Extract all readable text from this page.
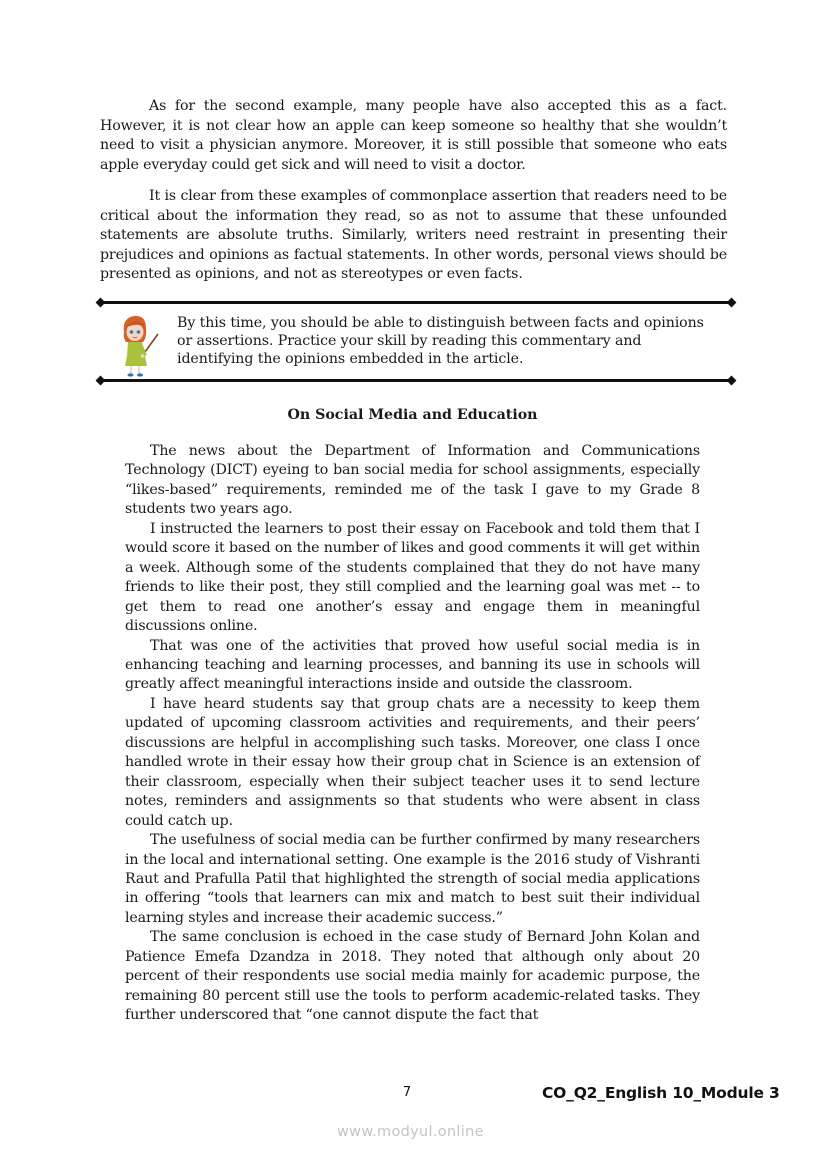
As for the second example, many people have also accepted this as a fact. However, it is not clear how an apple can keep someone so healthy that she wouldn’t need to visit a physician anymore. Moreover, it is still possible that someone who eats apple everyday could get sick and will need to visit a doctor.

It is clear from these examples of commonplace assertion that readers need to be critical about the information they read, so as not to assume that these unfounded statements are absolute truths. Similarly, writers need restraint in presenting their prejudices and opinions as factual statements. In other words, personal views should be presented as opinions, and not as stereotypes or even facts.

By this time, you should be able to distinguish between facts and opinions or assertions. Practice your skill by reading this commentary and identifying the opinions embedded in the article.

On Social Media and Education

The news about the Department of Information and Communications Technology (DICT) eyeing to ban social media for school assignments, especially “likes-based” requirements, reminded me of the task I gave to my Grade 8 students two years ago.

I instructed the learners to post their essay on Facebook and told them that I would score it based on the number of likes and good comments it will get within a week. Although some of the students complained that they do not have many friends to like their post, they still complied and the learning goal was met -- to get them to read one another’s essay and engage them in meaningful discussions online.

That was one of the activities that proved how useful social media is in enhancing teaching and learning processes, and banning its use in schools will greatly affect meaningful interactions inside and outside the classroom.

I have heard students say that group chats are a necessity to keep them updated of upcoming classroom activities and requirements, and their peers’ discussions are helpful in accomplishing such tasks. Moreover, one class I once handled wrote in their essay how their group chat in Science is an extension of their classroom, especially when their subject teacher uses it to send lecture notes, reminders and assignments so that students who were absent in class could catch up.

The usefulness of social media can be further confirmed by many researchers in the local and international setting. One example is the 2016 study of Vishranti Raut and Prafulla Patil that highlighted the strength of social media applications in offering “tools that learners can mix and match to best suit their individual learning styles and increase their academic success.”

The same conclusion is echoed in the case study of Bernard John Kolan and Patience Emefa Dzandza in 2018. They noted that although only about 20 percent of their respondents use social media mainly for academic purpose, the remaining 80 percent still use the tools to perform academic-related tasks. They further underscored that “one cannot dispute the fact that

7	CO_Q2_English 10_Module 3
www.modyul.online
